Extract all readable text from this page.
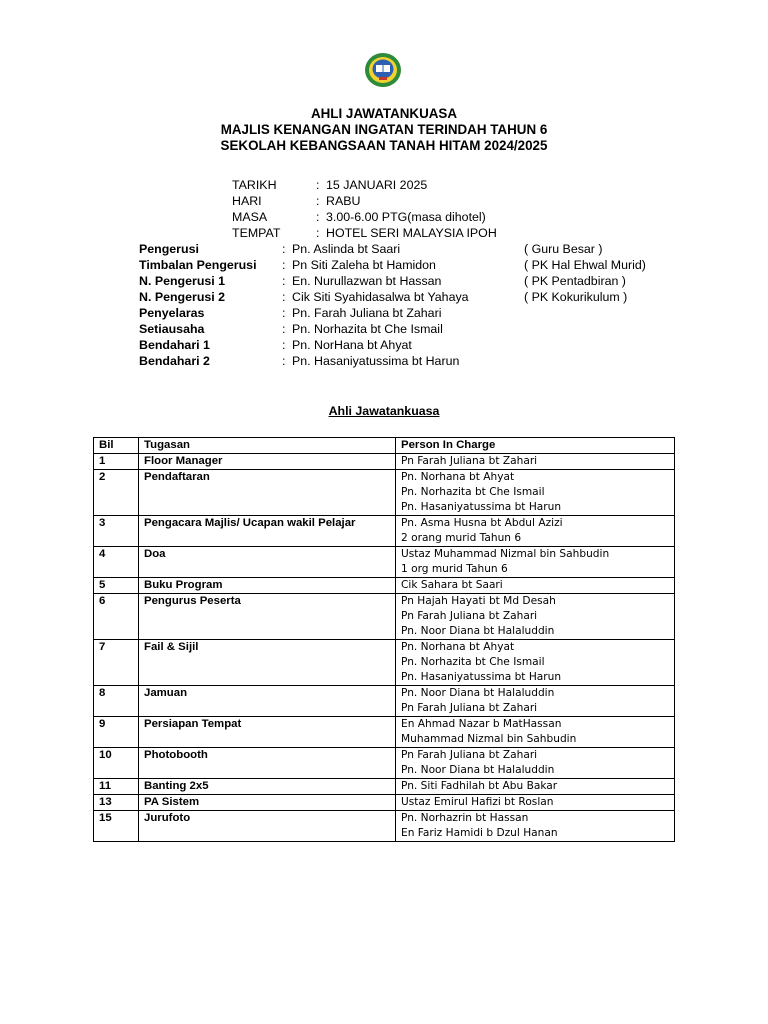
AHLI JAWATANKUASA
MAJLIS KENANGAN INGATAN TERINDAH TAHUN 6
SEKOLAH KEBANGSAAN TANAH HITAM 2024/2025
TARIKH	: 15 JANUARI 2025
HARI	: RABU
MASA	: 3.00-6.00 PTG(masa dihotel)
TEMPAT	: HOTEL SERI MALAYSIA IPOH
Pengerusi	: Pn. Aslinda bt Saari	( Guru Besar )
Timbalan Pengerusi	: Pn Siti Zaleha bt Hamidon	( PK Hal Ehwal Murid)
N. Pengerusi 1	: En. Nurullazwan bt Hassan	( PK Pentadbiran )
N. Pengerusi 2	: Cik Siti Syahidasalwa bt Yahaya	( PK Kokurikulum )
Penyelaras	: Pn. Farah Juliana bt Zahari
Setiausaha	: Pn. Norhazita bt Che Ismail
Bendahari 1	: Pn. NorHana bt Ahyat
Bendahari 2	: Pn. Hasaniyatussima bt Harun
Ahli Jawatankuasa
Bil	Tugasan	Person In Charge
1	Floor Manager	Pn Farah Juliana bt Zahari

2	Pendaftaran	Pn. Norhana bt Ahyat
Pn. Norhazita bt Che Ismail
Pn. Hasaniyatussima bt Harun

3	Pengacara Majlis/ Ucapan wakil Pelajar	Pn. Asma Husna bt Abdul Azizi
2 orang murid Tahun 6

4	Doa	Ustaz Muhammad Nizmal bin Sahbudin
1 org murid Tahun 6

5	Buku Program	Cik Sahara bt Saari

6	Pengurus Peserta	Pn Hajah Hayati bt Md Desah
Pn Farah Juliana bt Zahari
Pn. Noor Diana bt Halaluddin

7	Fail & Sijil	Pn. Norhana bt Ahyat
Pn. Norhazita bt Che Ismail
Pn. Hasaniyatussima bt Harun

8	Jamuan	Pn. Noor Diana bt Halaluddin
Pn Farah Juliana bt Zahari

9	Persiapan Tempat	En Ahmad Nazar b MatHassan
Muhammad Nizmal bin Sahbudin

10	Photobooth	Pn Farah Juliana bt Zahari
Pn. Noor Diana bt Halaluddin

11	Banting 2x5	Pn. Siti Fadhilah bt Abu Bakar

13	PA Sistem	Ustaz Emirul Hafizi bt Roslan

15	Jurufoto	Pn. Norhazrin bt Hassan
En Fariz Hamidi b Dzul Hanan
